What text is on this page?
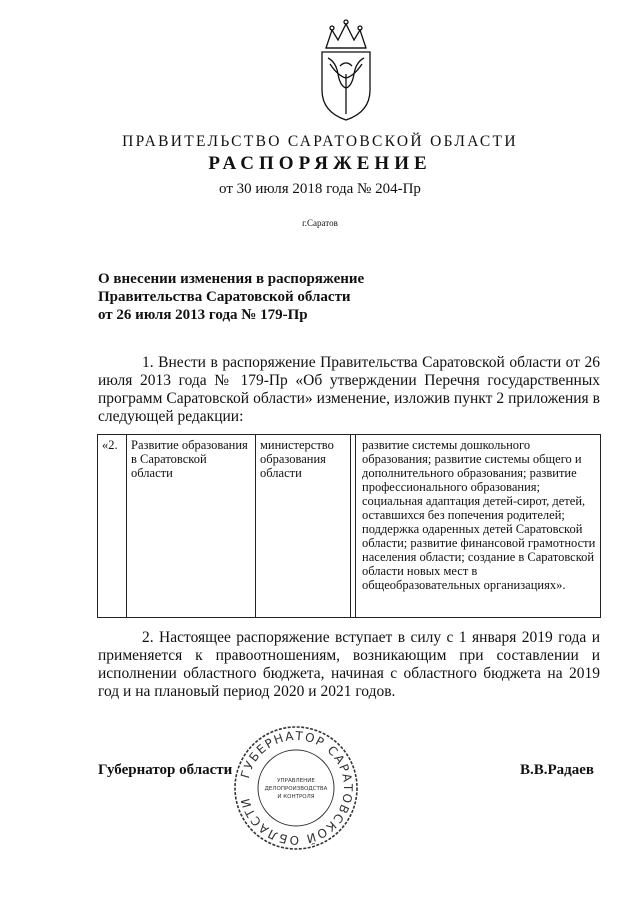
ПРАВИТЕЛЬСТВО САРАТОВСКОЙ ОБЛАСТИ
РАСПОРЯЖЕНИЕ
от 30 июля 2018 года № 204-Пр
г.Саратов
О внесении изменения в распоряжение
Правительства Саратовской области
от 26 июля 2013 года № 179-Пр
1. Внести в распоряжение Правительства Саратовской области от 26 июля 2013 года № 179-Пр «Об утверждении Перечня государственных программ Саратовской области» изменение, изложив пункт 2 приложения в следующей редакции:
«2.	Развитие образования в Саратовской области	министерство образования области		развитие системы дошкольного образования; развитие системы общего и дополнительного образования; развитие профессионального образования; социальная адаптация детей-сирот, детей, оставшихся без попечения родителей; поддержка одаренных детей Саратовской области; развитие финансовой грамотности населения области; создание в Саратовской области новых мест в общеобразовательных организациях».
2. Настоящее распоряжение вступает в силу с 1 января 2019 года и применяется к правоотношениям, возникающим при составлении и исполнении областного бюджета, начиная с областного бюджета на 2019 год и на плановый период 2020 и 2021 годов.
Губернатор области	В.В.Радаев
ГУБЕРНАТОР САРАТОВСКОЙ ОБЛАСТИ
УПРАВЛЕНИЕ
ДЕЛОПРОИЗВОДСТВА
И КОНТРОЛЯ
